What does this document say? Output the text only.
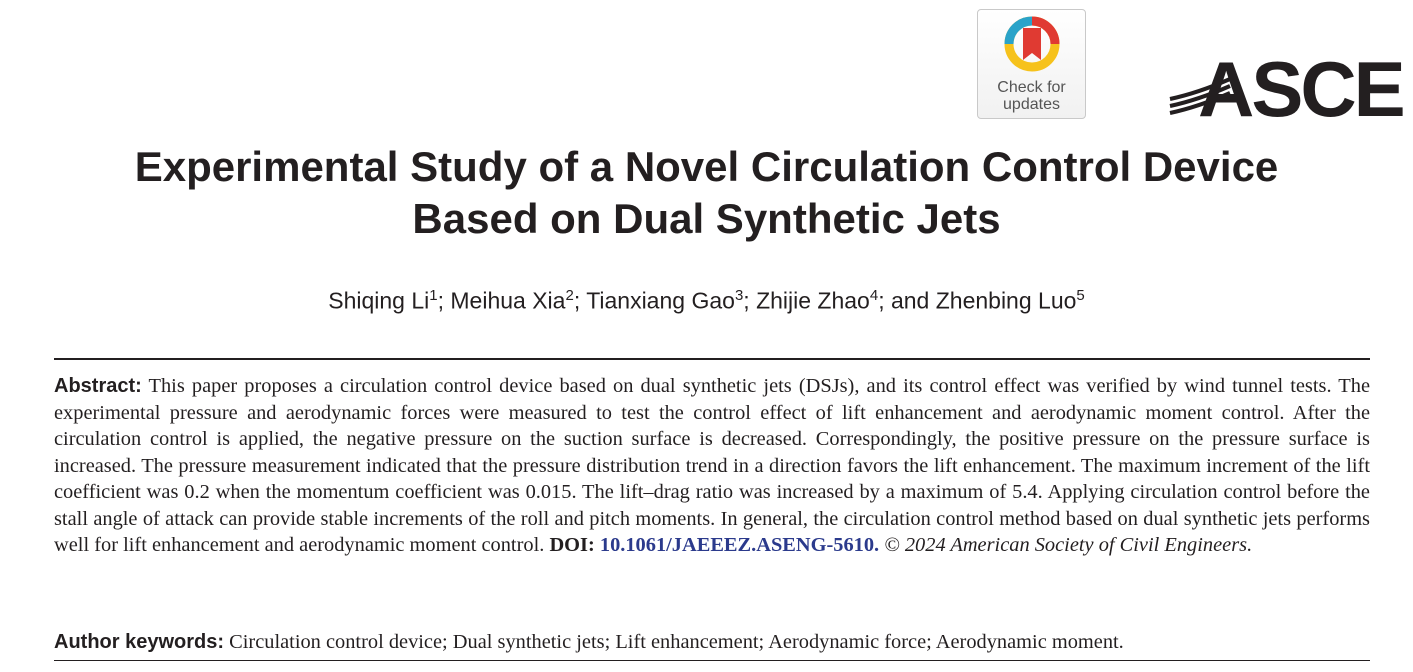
Check for
updates	ASCE
Experimental Study of a Novel Circulation Control Device
Based on Dual Synthetic Jets

Shiqing Li$^1$; Meihua Xia$^2$; Tianxiang Gao$^3$; Zhijie Zhao$^4$; and Zhenbing Luo$^5$

Abstract: This paper proposes a circulation control device based on dual synthetic jets (DSJs), and its control effect was verified by wind tunnel tests. The experimental pressure and aerodynamic forces were measured to test the control effect of lift enhancement and aerodynamic moment control. After the circulation control is applied, the negative pressure on the suction surface is decreased. Correspondingly, the positive pressure on the pressure surface is increased. The pressure measurement indicated that the pressure distribution trend in a direction favors the lift enhancement. The maximum increment of the lift coefficient was 0.2 when the momentum coefficient was 0.015. The lift–drag ratio was increased by a maximum of 5.4. Applying circulation control before the stall angle of attack can provide stable increments of the roll and pitch moments. In general, the circulation control method based on dual synthetic jets performs well for lift enhancement and aerodynamic moment control. DOI: 10.1061/JAEEEZ.ASENG-5610. © 2024 American Society of Civil Engineers.

Author keywords: Circulation control device; Dual synthetic jets; Lift enhancement; Aerodynamic force; Aerodynamic moment.
